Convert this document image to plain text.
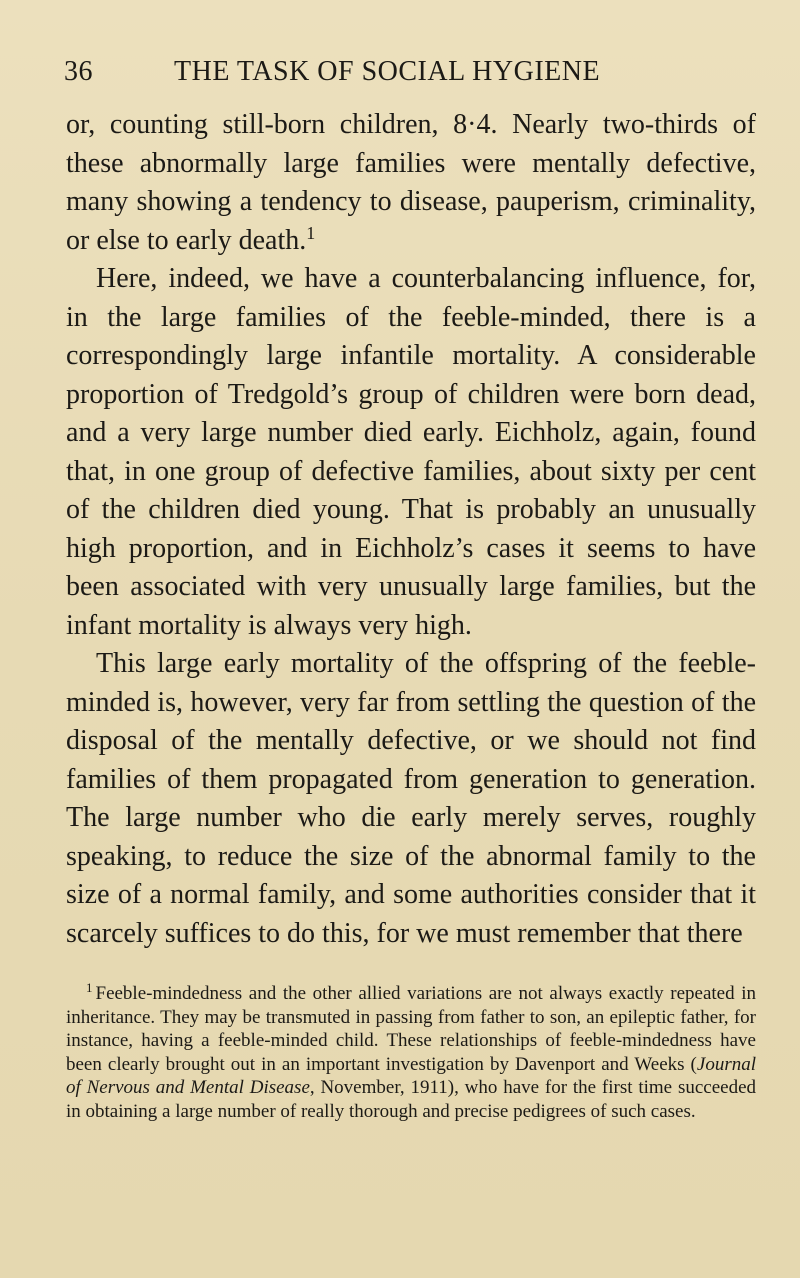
36	THE TASK OF SOCIAL HYGIENE

or, counting still-born children, 8·4. Nearly two-thirds of these abnormally large families were mentally defective, many showing a tendency to disease, pauperism, criminality, or else to early death.$^1$

Here, indeed, we have a counterbalancing influence, for, in the large families of the feeble-minded, there is a correspondingly large infantile mortality. A considerable proportion of Tredgold’s group of children were born dead, and a very large number died early. Eichholz, again, found that, in one group of defective families, about sixty per cent of the children died young. That is probably an unusually high proportion, and in Eichholz’s cases it seems to have been associated with very unusually large families, but the infant mortality is always very high.

This large early mortality of the offspring of the feeble-minded is, however, very far from settling the question of the disposal of the mentally defective, or we should not find families of them propagated from generation to generation. The large number who die early merely serves, roughly speaking, to reduce the size of the abnormal family to the size of a normal family, and some authorities consider that it scarcely suffices to do this, for we must remember that there

$^1$ Feeble-mindedness and the other allied variations are not always exactly repeated in inheritance. They may be transmuted in passing from father to son, an epileptic father, for instance, having a feeble-minded child. These relationships of feeble-mindedness have been clearly brought out in an important investigation by Davenport and Weeks (Journal of Nervous and Mental Disease, November, 1911), who have for the first time succeeded in obtaining a large number of really thorough and precise pedigrees of such cases.
